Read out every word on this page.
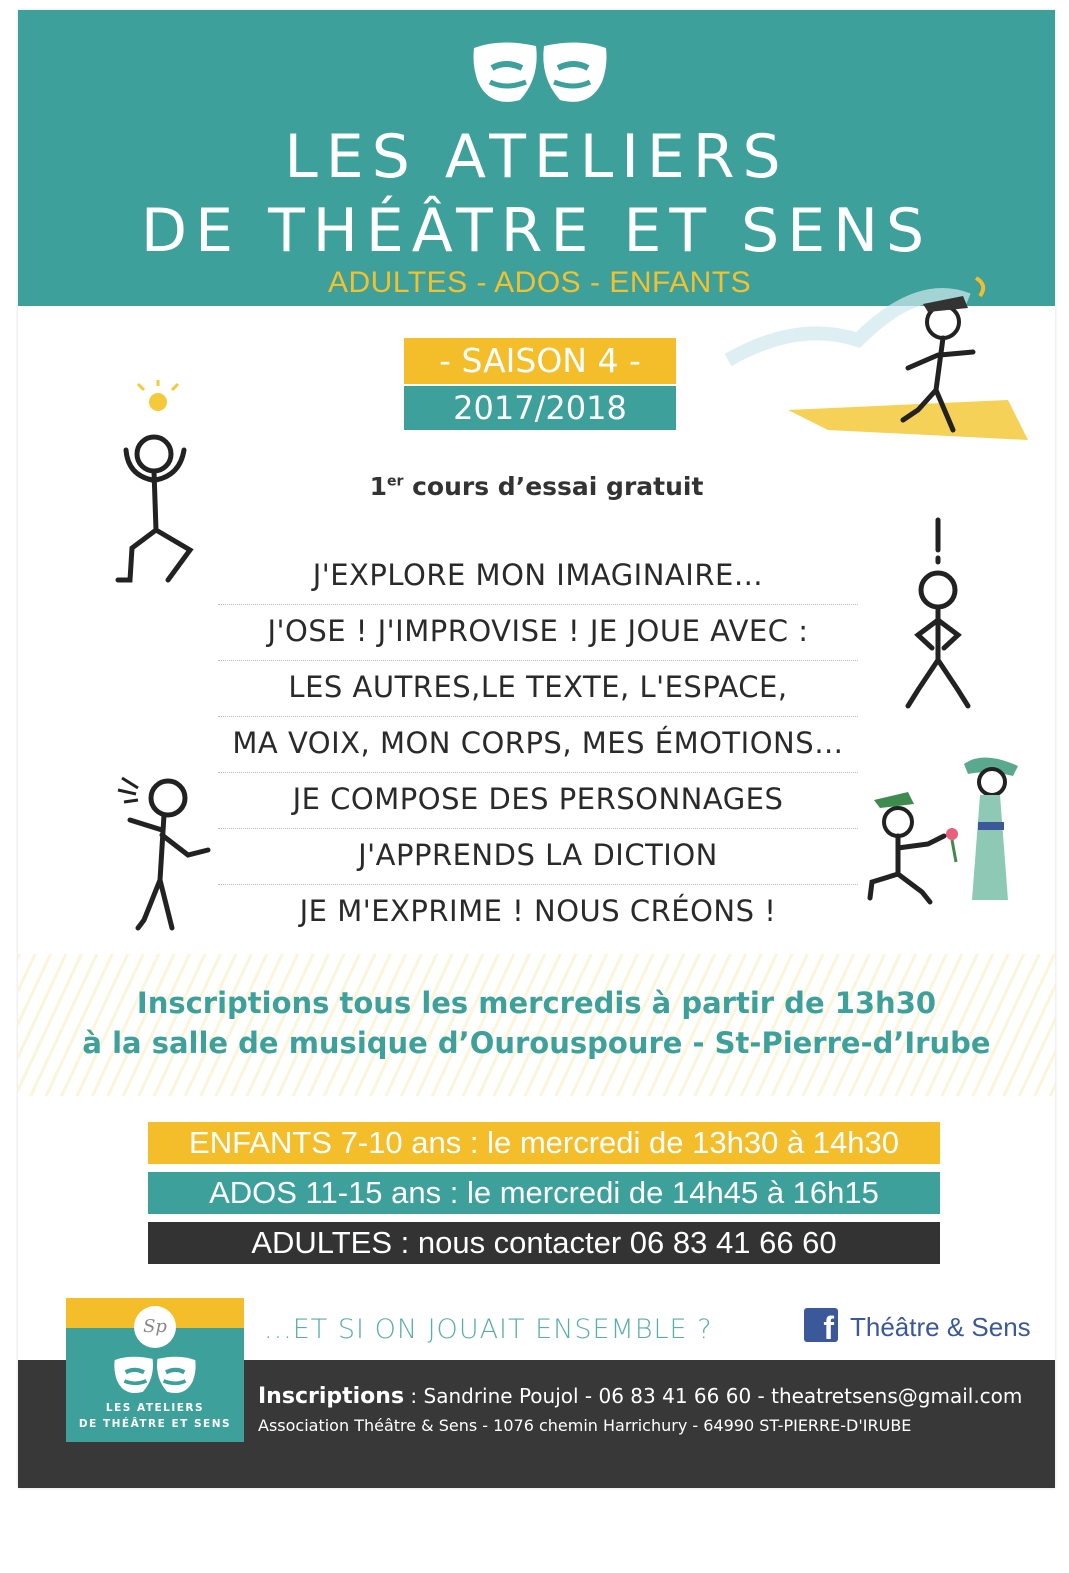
LES ATELIERS
DE THÉÂTRE ET SENS
ADULTES - ADOS - ENFANTS
- SAISON 4 -
2017/2018
1er cours d’essai gratuit
J'EXPLORE MON IMAGINAIRE…
J'OSE ! J'IMPROVISE ! JE JOUE AVEC :
LES AUTRES,LE TEXTE, L'ESPACE,
MA VOIX, MON CORPS, MES ÉMOTIONS…
JE COMPOSE DES PERSONNAGES
J'APPRENDS LA DICTION
JE M'EXPRIME ! NOUS CRÉONS !
Inscriptions tous les mercredis à partir de 13h30
à la salle de musique d’Ourouspoure - St-Pierre-d’Irube
ENFANTS 7-10 ans : le mercredi de 13h30 à 14h30
ADOS 11-15 ans : le mercredi de 14h45 à 16h15
ADULTES : nous contacter 06 83 41 66 60
Sp
LES ATELIERS
DE THÉÂTRE ET SENS
...ET SI ON JOUAIT ENSEMBLE ?	f Théâtre & Sens
Inscriptions : Sandrine Poujol - 06 83 41 66 60 - theatretsens@gmail.com
Association Théâtre & Sens - 1076 chemin Harrichury - 64990 ST-PIERRE-D'IRUBE
